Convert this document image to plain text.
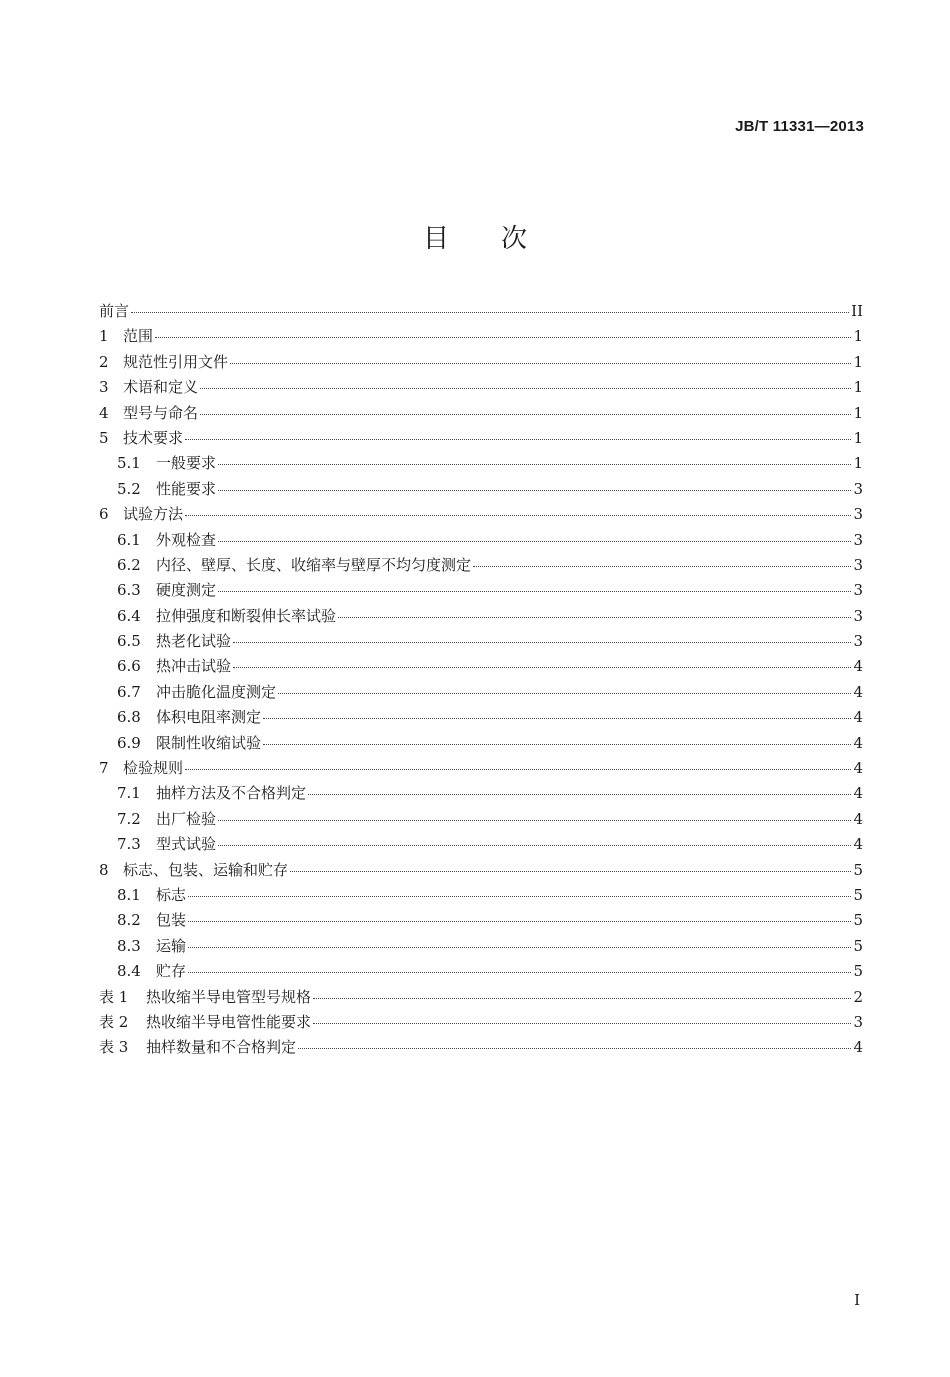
JB/T 11331—2013
目次
前言	II
1 范围	1
2 规范性引用文件	1
3 术语和定义	1
4 型号与命名	1
5 技术要求	1
5.1	一般要求	1
5.2	性能要求	3
6 试验方法	3
6.1	外观检查	3
6.2	内径、壁厚、长度、收缩率与壁厚不均匀度测定	3
6.3	硬度测定	3
6.4	拉伸强度和断裂伸长率试验	3
6.5	热老化试验	3
6.6	热冲击试验	4
6.7	冲击脆化温度测定	4
6.8	体积电阻率测定	4
6.9	限制性收缩试验	4
7 检验规则	4
7.1	抽样方法及不合格判定	4
7.2	出厂检验	4
7.3	型式试验	4
8 标志、包装、运输和贮存	5
8.1	标志	5
8.2	包装	5
8.3	运输	5
8.4	贮存	5
表 1	热收缩半导电管型号规格	2
表 2	热收缩半导电管性能要求	3
表 3	抽样数量和不合格判定	4
I
